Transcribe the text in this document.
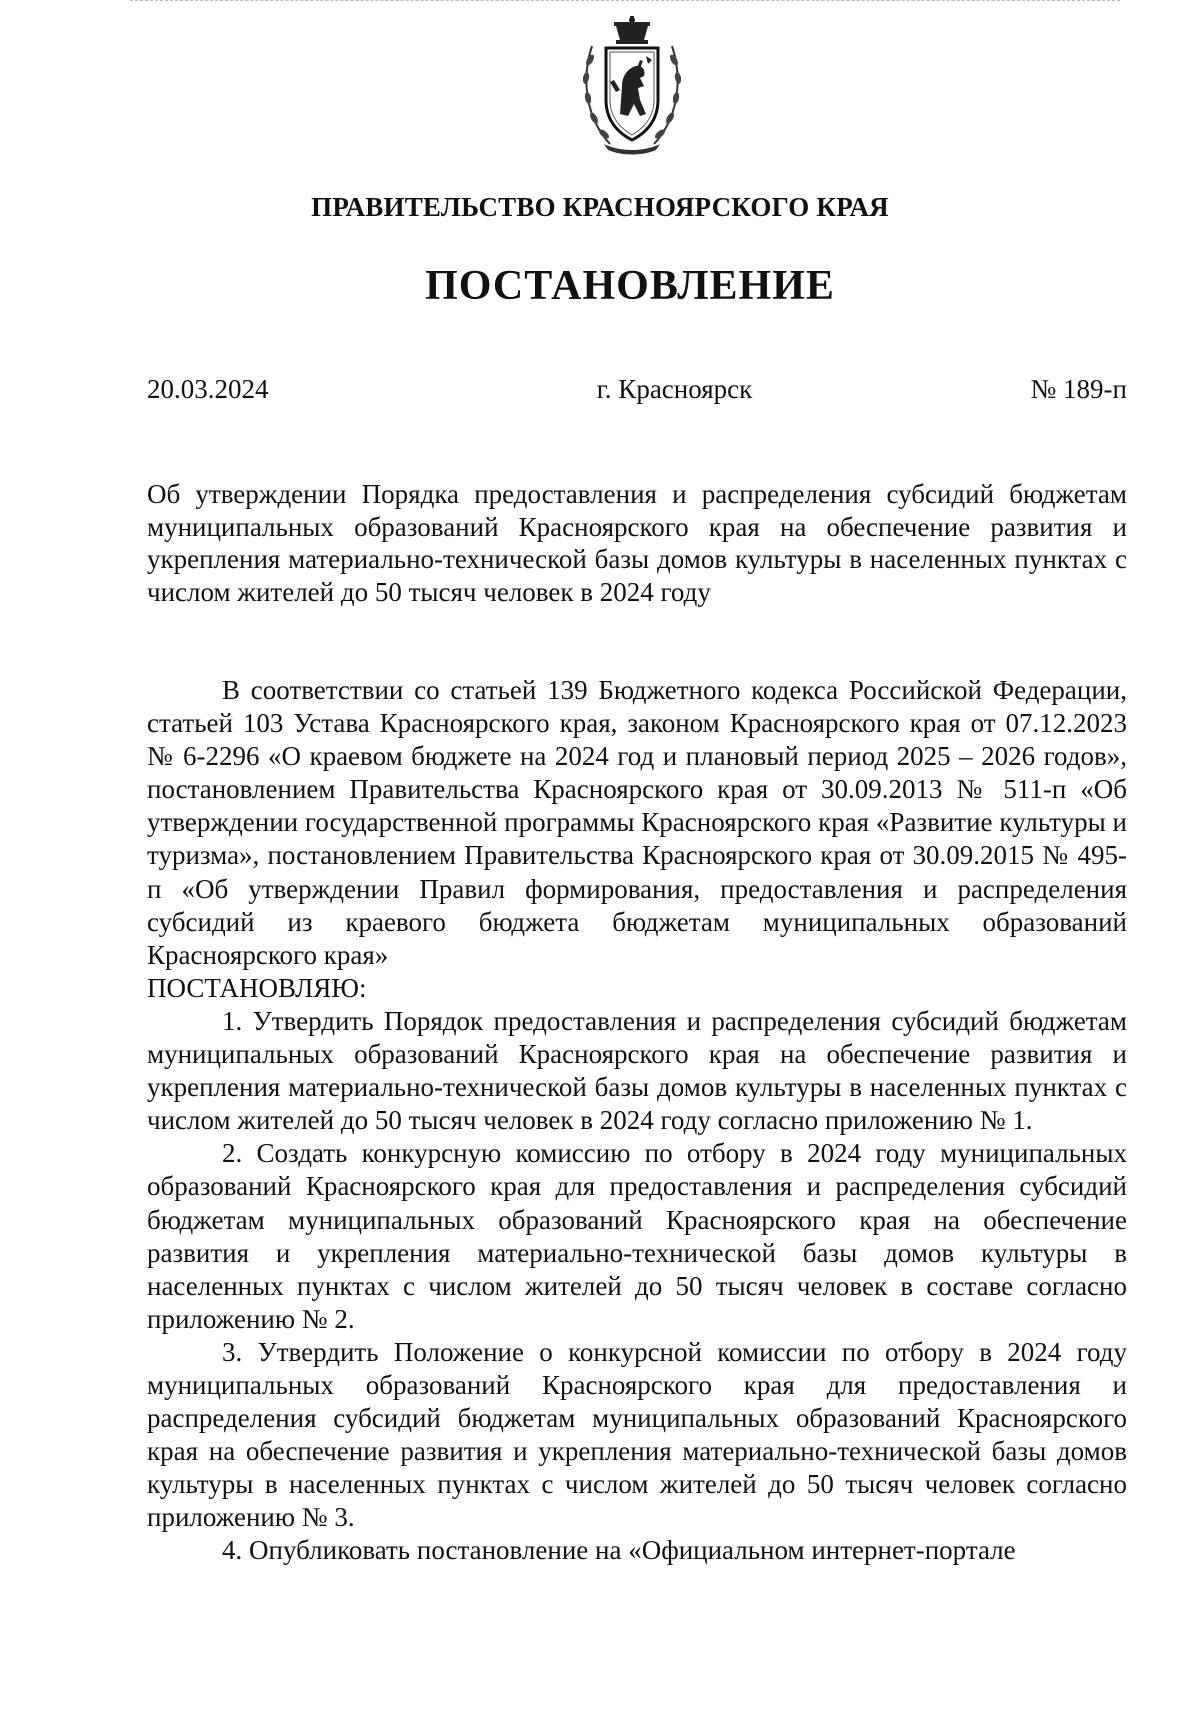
ПРАВИТЕЛЬСТВО КРАСНОЯРСКОГО КРАЯ
ПОСТАНОВЛЕНИЕ
20.03.2024	г. Красноярск	№ 189-п
Об утверждении Порядка предоставления и распределения субсидий бюджетам муниципальных образований Красноярского края на обеспечение развития и укрепления материально-технической базы домов культуры в населенных пунктах с числом жителей до 50 тысяч человек в 2024 году

В соответствии со статьей 139 Бюджетного кодекса Российской Федерации, статьей 103 Устава Красноярского края, законом Красноярского края от 07.12.2023 № 6-2296 «О краевом бюджете на 2024 год и плановый период 2025 – 2026 годов», постановлением Правительства Красноярского края от 30.09.2013 № 511-п «Об утверждении государственной программы Красноярского края «Развитие культуры и туризма», постановлением Правительства Красноярского края от 30.09.2015 № 495-п «Об утверждении Правил формирования, предоставления и распределения субсидий из краевого бюджета бюджетам муниципальных образований Красноярского края»

ПОСТАНОВЛЯЮ:

1. Утвердить Порядок предоставления и распределения субсидий бюджетам муниципальных образований Красноярского края на обеспечение развития и укрепления материально-технической базы домов культуры в населенных пунктах с числом жителей до 50 тысяч человек в 2024 году согласно приложению № 1.

2. Создать конкурсную комиссию по отбору в 2024 году муниципальных образований Красноярского края для предоставления и распределения субсидий бюджетам муниципальных образований Красноярского края на обеспечение развития и укрепления материально-технической базы домов культуры в населенных пунктах с числом жителей до 50 тысяч человек в составе согласно приложению № 2.

3. Утвердить Положение о конкурсной комиссии по отбору в 2024 году муниципальных образований Красноярского края для предоставления и распределения субсидий бюджетам муниципальных образований Красноярского края на обеспечение развития и укрепления материально-технической базы домов культуры в населенных пунктах с числом жителей до 50 тысяч человек согласно приложению № 3.

4. Опубликовать постановление на «Официальном интернет-портале
